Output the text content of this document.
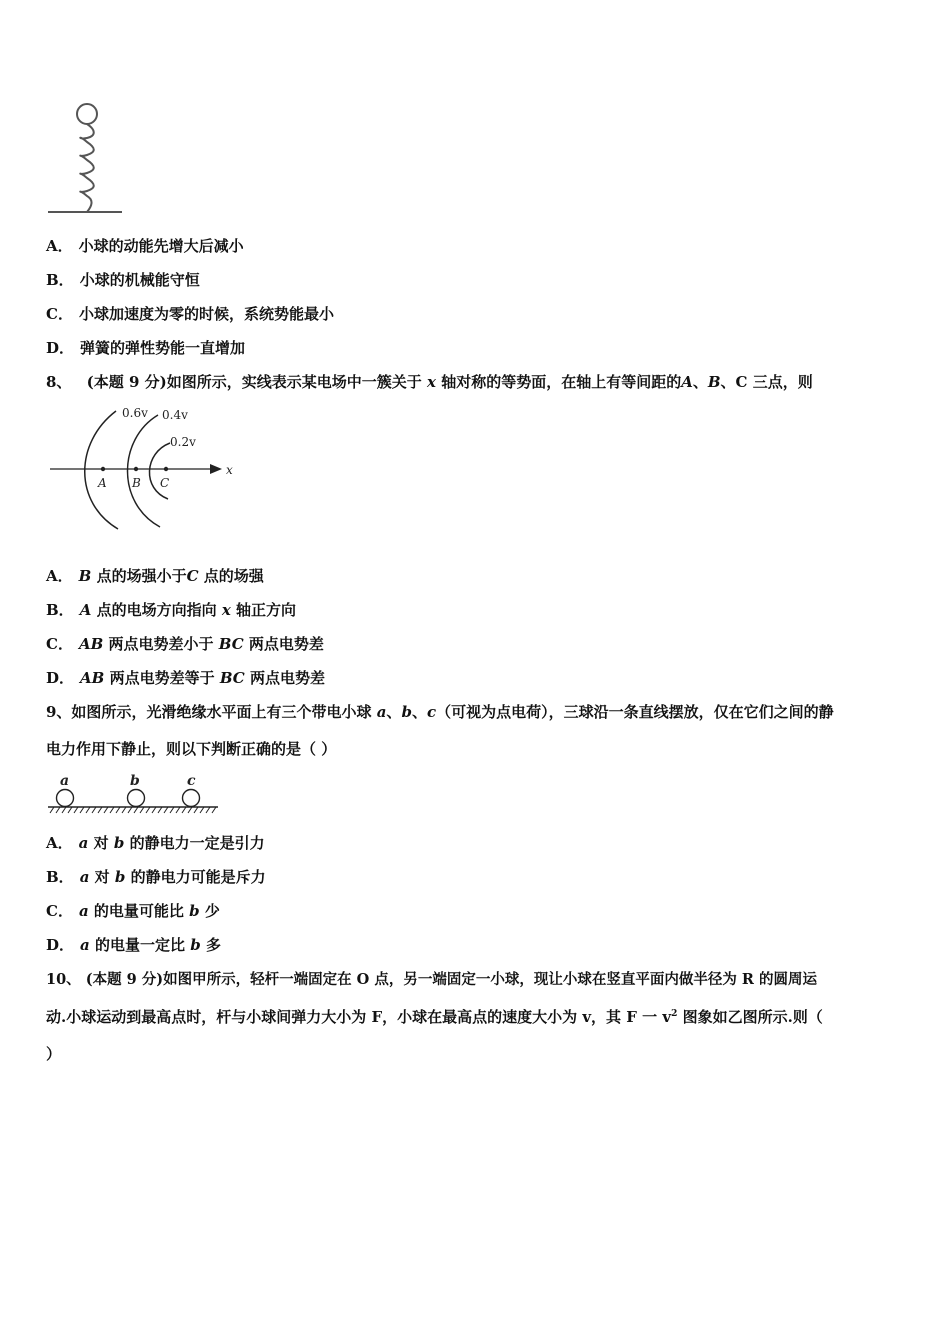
A． 小球的动能先增大后减小
B． 小球的机械能守恒
C． 小球加速度为零的时候，系统势能最小
D． 弹簧的弹性势能一直增加
8、 (本题 9 分)如图所示，实线表示某电场中一簇关于 x 轴对称的等势面，在轴上有等间距的A、B、C 三点，则
0.6v 0.4v
0.2v
x
A B C
A． B 点的场强小于C 点的场强
B． A 点的电场方向指向 x 轴正方向
C． AB 两点电势差小于 BC 两点电势差
D． AB 两点电势差等于 BC 两点电势差
9、如图所示，光滑绝缘水平面上有三个带电小球 a、b、c（可视为点电荷），三球沿一条直线摆放，仅在它们之间的静
电力作用下静止，则以下判断正确的是（ ）
a	b	c
A． a 对 b 的静电力一定是引力
B． a 对 b 的静电力可能是斥力
C． a 的电量可能比 b 少
D． a 的电量一定比 b 多
10、 (本题 9 分)如图甲所示，轻杆一端固定在 O 点，另一端固定一小球，现让小球在竖直平面内做半径为 R 的圆周运
动.小球运动到最高点时，杆与小球间弹力大小为 F，小球在最高点的速度大小为 v，其 F 一 $v^2$ 图象如乙图所示.则（
）
